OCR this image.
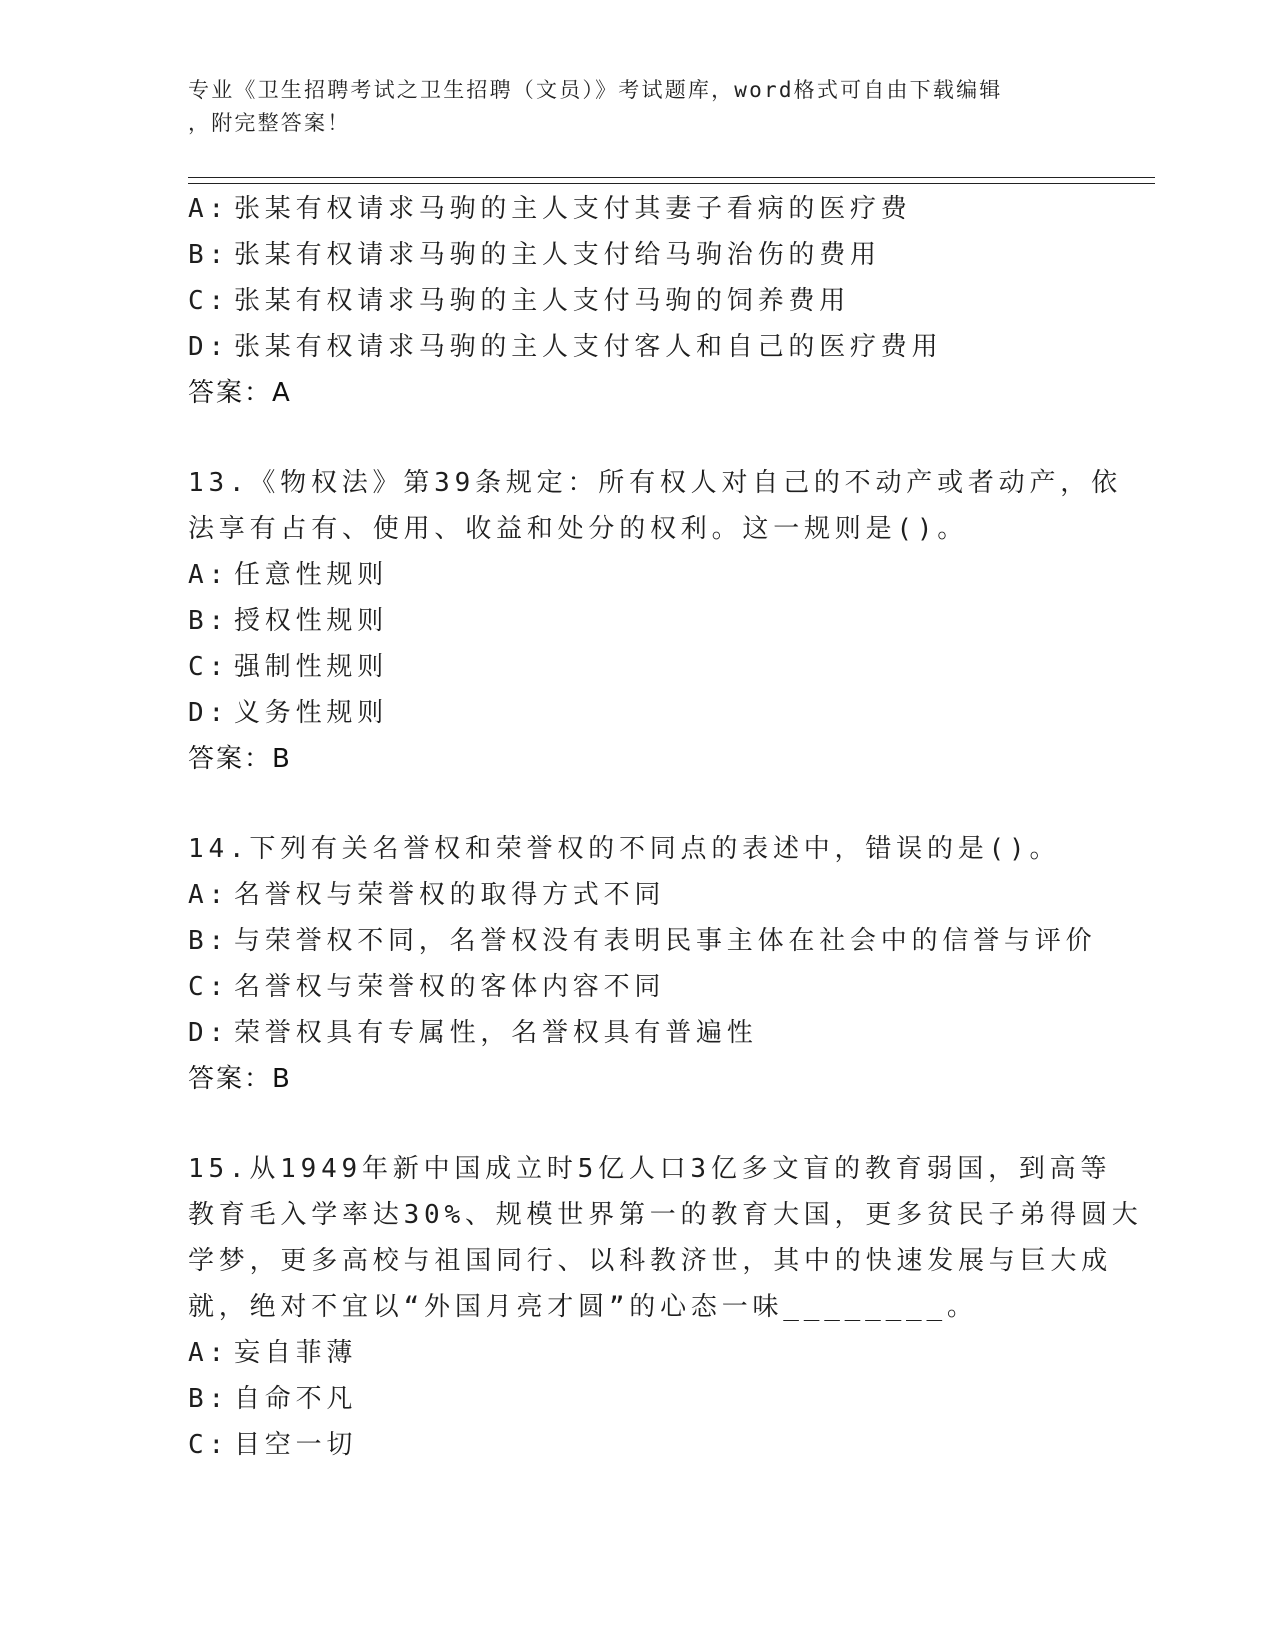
专业《卫生招聘考试之卫生招聘（文员）》考试题库，word格式可自由下载编辑
，附完整答案！
A: 张某有权请求马驹的主人支付其妻子看病的医疗费
B: 张某有权请求马驹的主人支付给马驹治伤的费用
C: 张某有权请求马驹的主人支付马驹的饲养费用
D: 张某有权请求马驹的主人支付客人和自己的医疗费用
答案：A
13.《物权法》第39条规定：所有权人对自己的不动产或者动产，依
法享有占有、使用、收益和处分的权利。这一规则是()。
A: 任意性规则
B: 授权性规则
C: 强制性规则
D: 义务性规则
答案：B
14.下列有关名誉权和荣誉权的不同点的表述中，错误的是()。
A: 名誉权与荣誉权的取得方式不同
B: 与荣誉权不同，名誉权没有表明民事主体在社会中的信誉与评价
C: 名誉权与荣誉权的客体内容不同
D: 荣誉权具有专属性，名誉权具有普遍性
答案：B
15.从1949年新中国成立时5亿人口3亿多文盲的教育弱国，到高等
教育毛入学率达30%、规模世界第一的教育大国，更多贫民子弟得圆大
学梦，更多高校与祖国同行、以科教济世，其中的快速发展与巨大成
就，绝对不宜以“外国月亮才圆”的心态一味________。
A: 妄自菲薄
B: 自命不凡
C: 目空一切
